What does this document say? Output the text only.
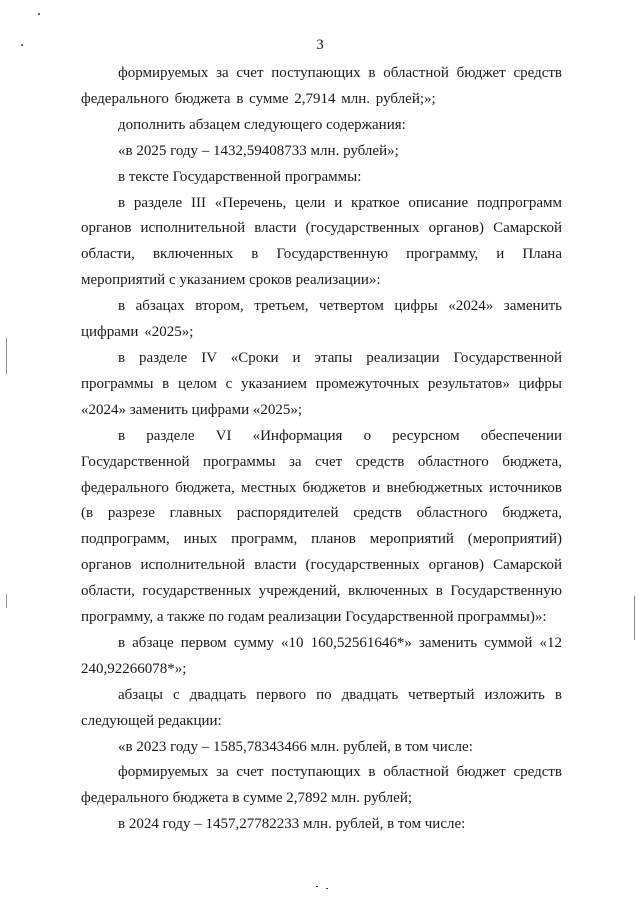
3

формируемых за счет поступающих в областной бюджет средств федерального бюджета в сумме 2,7914 млн. рублей;»;

дополнить абзацем следующего содержания:

«в 2025 году – 1432,59408733 млн. рублей»;

в тексте Государственной программы:

в разделе III «Перечень, цели и краткое описание подпрограмм органов исполнительной власти (государственных органов) Самарской области, включенных в Государственную программу, и Плана мероприятий с указанием сроков реализации»:

в абзацах втором, третьем, четвертом цифры «2024» заменить цифрами «2025»;

в разделе IV «Сроки и этапы реализации Государственной программы в целом с указанием промежуточных результатов» цифры «2024» заменить цифрами «2025»;

в разделе VI «Информация о ресурсном обеспечении Государственной программы за счет средств областного бюджета, федерального бюджета, местных бюджетов и внебюджетных источников (в разрезе главных распорядителей средств областного бюджета, подпрограмм, иных программ, планов мероприятий (мероприятий) органов исполнительной власти (государственных органов) Самарской области, государственных учреждений, включенных в Государственную программу, а также по годам реализации Государственной программы)»:

в абзаце первом сумму «10 160,52561646*» заменить суммой «12 240,92266078*»;

абзацы с двадцать первого по двадцать четвертый изложить в следующей редакции:

«в 2023 году – 1585,78343466 млн. рублей, в том числе:

формируемых за счет поступающих в областной бюджет средств федерального бюджета в сумме 2,7892 млн. рублей;

в 2024 году – 1457,27782233 млн. рублей, в том числе:
